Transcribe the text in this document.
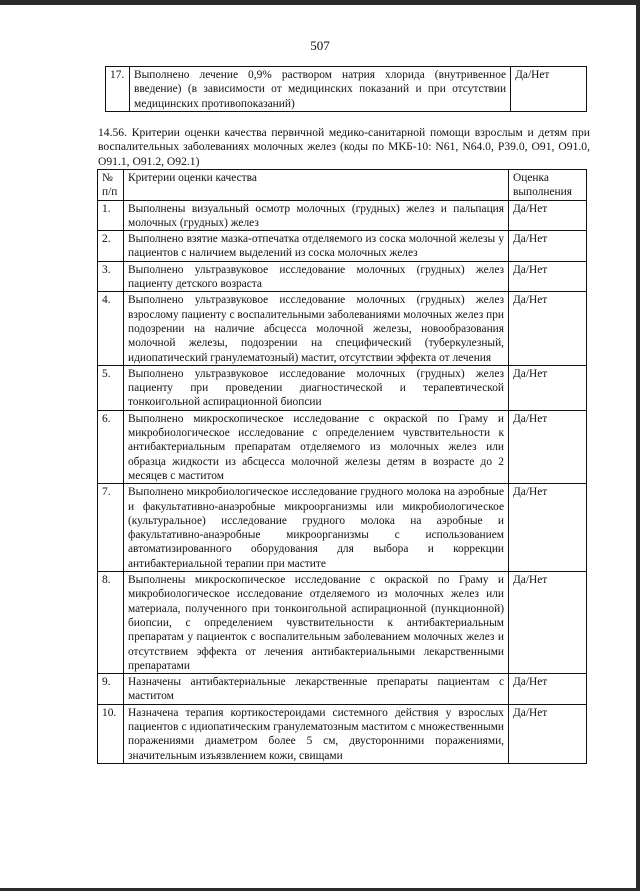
507
17.	Выполнено лечение 0,9% раствором натрия хлорида (внутривенное введение) (в зависимости от медицинских показаний и при отсутствии медицинских противопоказаний)	Да/Нет
14.56. Критерии оценки качества первичной медико-санитарной помощи взрослым и детям при воспалительных заболеваниях молочных желез (коды по МКБ-10: N61, N64.0, P39.0, O91, O91.0, O91.1, O91.2, O92.1)
№ п/п	Критерии оценки качества	Оценка выполнения
1.	Выполнены визуальный осмотр молочных (грудных) желез и пальпация молочных (грудных) желез	Да/Нет
2.	Выполнено взятие мазка-отпечатка отделяемого из соска молочной железы у пациентов с наличием выделений из соска молочных желез	Да/Нет
3.	Выполнено ультразвуковое исследование молочных (грудных) желез пациенту детского возраста	Да/Нет
4.	Выполнено ультразвуковое исследование молочных (грудных) желез взрослому пациенту с воспалительными заболеваниями молочных желез при подозрении на наличие абсцесса молочной железы, новообразования молочной железы, подозрении на специфический (туберкулезный, идиопатический гранулематозный) мастит, отсутствии эффекта от лечения	Да/Нет
5.	Выполнено ультразвуковое исследование молочных (грудных) желез пациенту при проведении диагностической и терапевтической тонкоигольной аспирационной биопсии	Да/Нет
6.	Выполнено микроскопическое исследование с окраской по Граму и микробиологическое исследование с определением чувствительности к антибактериальным препаратам отделяемого из молочных желез или образца жидкости из абсцесса молочной железы детям в возрасте до 2 месяцев с маститом	Да/Нет
7.	Выполнено микробиологическое исследование грудного молока на аэробные и факультативно-анаэробные микроорганизмы или микробиологическое (культуральное) исследование грудного молока на аэробные и факультативно-анаэробные микроорганизмы с использованием автоматизированного оборудования для выбора и коррекции антибактериальной терапии при мастите	Да/Нет
8.	Выполнены микроскопическое исследование с окраской по Граму и микробиологическое исследование отделяемого из молочных желез или материала, полученного при тонкоигольной аспирационной (пункционной) биопсии, с определением чувствительности к антибактериальным препаратам у пациенток с воспалительным заболеванием молочных желез и отсутствием эффекта от лечения антибактериальными лекарственными препаратами	Да/Нет
9.	Назначены антибактериальные лекарственные препараты пациентам с маститом	Да/Нет
10.	Назначена терапия кортикостероидами системного действия у взрослых пациентов с идиопатическим гранулематозным маститом с множественными поражениями диаметром более 5 см, двусторонними поражениями, значительным изъязвлением кожи, свищами	Да/Нет
